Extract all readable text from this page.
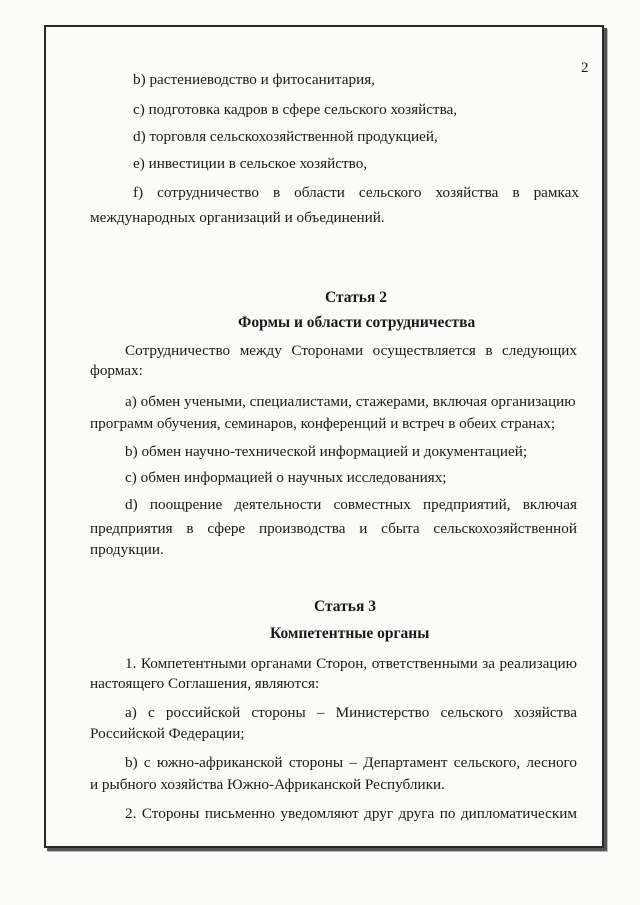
2
b) растениеводство и фитосанитария,
c) подготовка кадров в сфере сельского хозяйства,
d) торговля сельскохозяйственной продукцией,
e) инвестиции в сельское хозяйство,
f) сотрудничество в области сельского хозяйства в рамках
международных организаций и объединений.
Статья 2
Формы и области сотрудничества
Сотрудничество между Сторонами осуществляется в следующих
формах:
a) обмен учеными, специалистами, стажерами, включая организацию
программ обучения, семинаров, конференций и встреч в обеих странах;
b) обмен научно-технической информацией и документацией;
c) обмен информацией о научных исследованиях;
d) поощрение деятельности совместных предприятий, включая
предприятия в сфере производства и сбыта сельскохозяйственной
продукции.
Статья 3
Компетентные органы
1. Компетентными органами Сторон, ответственными за реализацию
настоящего Соглашения, являются:
a) с российской стороны – Министерство сельского хозяйства
Российской Федерации;
b) с южно-африканской стороны – Департамент сельского, лесного
и рыбного хозяйства Южно-Африканской Республики.
2. Стороны письменно уведомляют друг друга по дипломатическим
